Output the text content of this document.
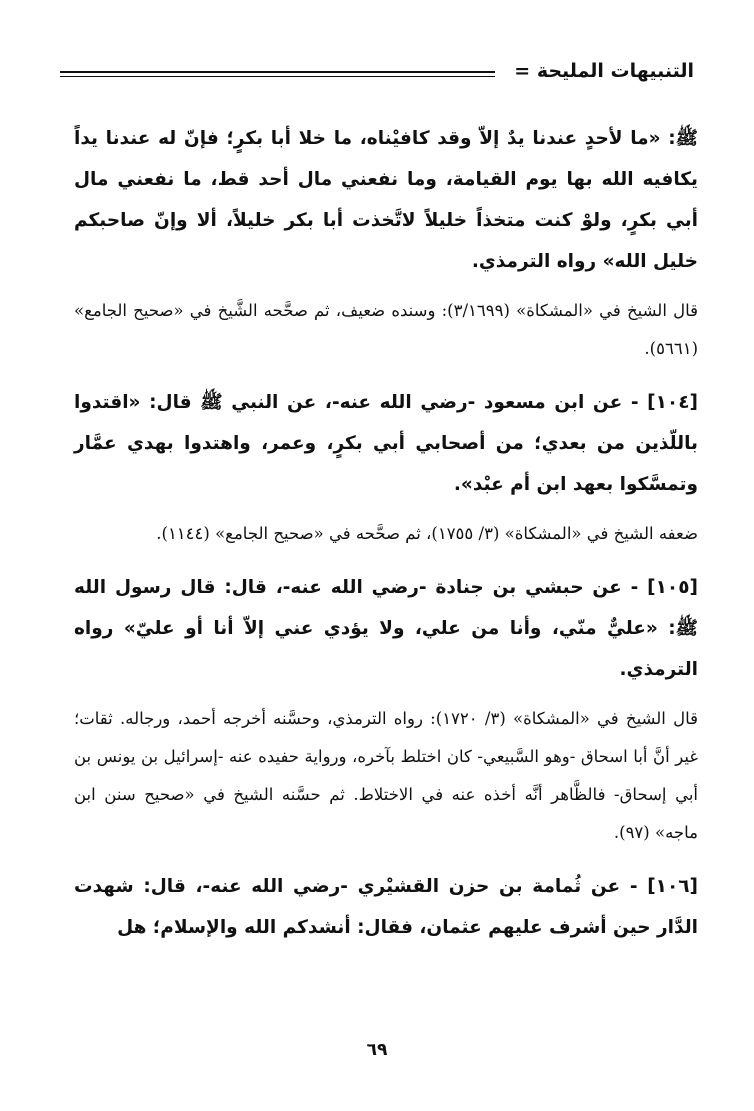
التنبيهات المليحة =

ﷺ: «ما لأحدٍ عندنا يدٌ إلاّ وقد كافيْناه، ما خلا أبا بكرٍ؛ فإنّ له عندنا يداً يكافيه الله بها يوم القيامة، وما نفعني مال أحد قط، ما نفعني مال أبي بكرٍ، ولوْ كنت متخذاً خليلاً لاتَّخذت أبا بكر خليلاً، ألا وإنّ صاحبكم خليل الله» رواه الترمذي.

قال الشيخ في «المشكاة» (٣/١٦٩٩): وسنده ضعيف، ثم صحَّحه الشَّيخ في «صحيح الجامع» (٥٦٦١).

[١٠٤] - عن ابن مسعود -رضي الله عنه-، عن النبي ﷺ قال: «اقتدوا باللّذين من بعدي؛ من أصحابي أبي بكرٍ، وعمر، واهتدوا بهدي عمَّار وتمسَّكوا بعهد ابن أم عبْد».

ضعفه الشيخ في «المشكاة» (٣/ ١٧٥٥)، ثم صحَّحه في «صحيح الجامع» (١١٤٤).

[١٠٥] - عن حبشي بن جنادة -رضي الله عنه-، قال: قال رسول الله ﷺ: «عليٌّ منّي، وأنا من علي، ولا يؤدي عني إلاّ أنا أو عليّ» رواه الترمذي.

قال الشيخ في «المشكاة» (٣/ ١٧٢٠): رواه الترمذي، وحسَّنه أخرجه أحمد، ورجاله. ثقات؛ غير أنَّ أبا اسحاق -وهو السَّبيعي- كان اختلط بآخره، ورواية حفيده عنه -إسرائيل بن يونس بن أبي إسحاق- فالظَّاهر أنَّه أخذه عنه في الاختلاط. ثم حسَّنه الشيخ في «صحيح سنن ابن ماجه» (٩٧).

[١٠٦] - عن ثُمامة بن حزن القشيْري -رضي الله عنه-، قال: شهدت الدَّار حين أشرف عليهم عثمان، فقال: أنشدكم الله والإسلام؛ هل

٦٩
